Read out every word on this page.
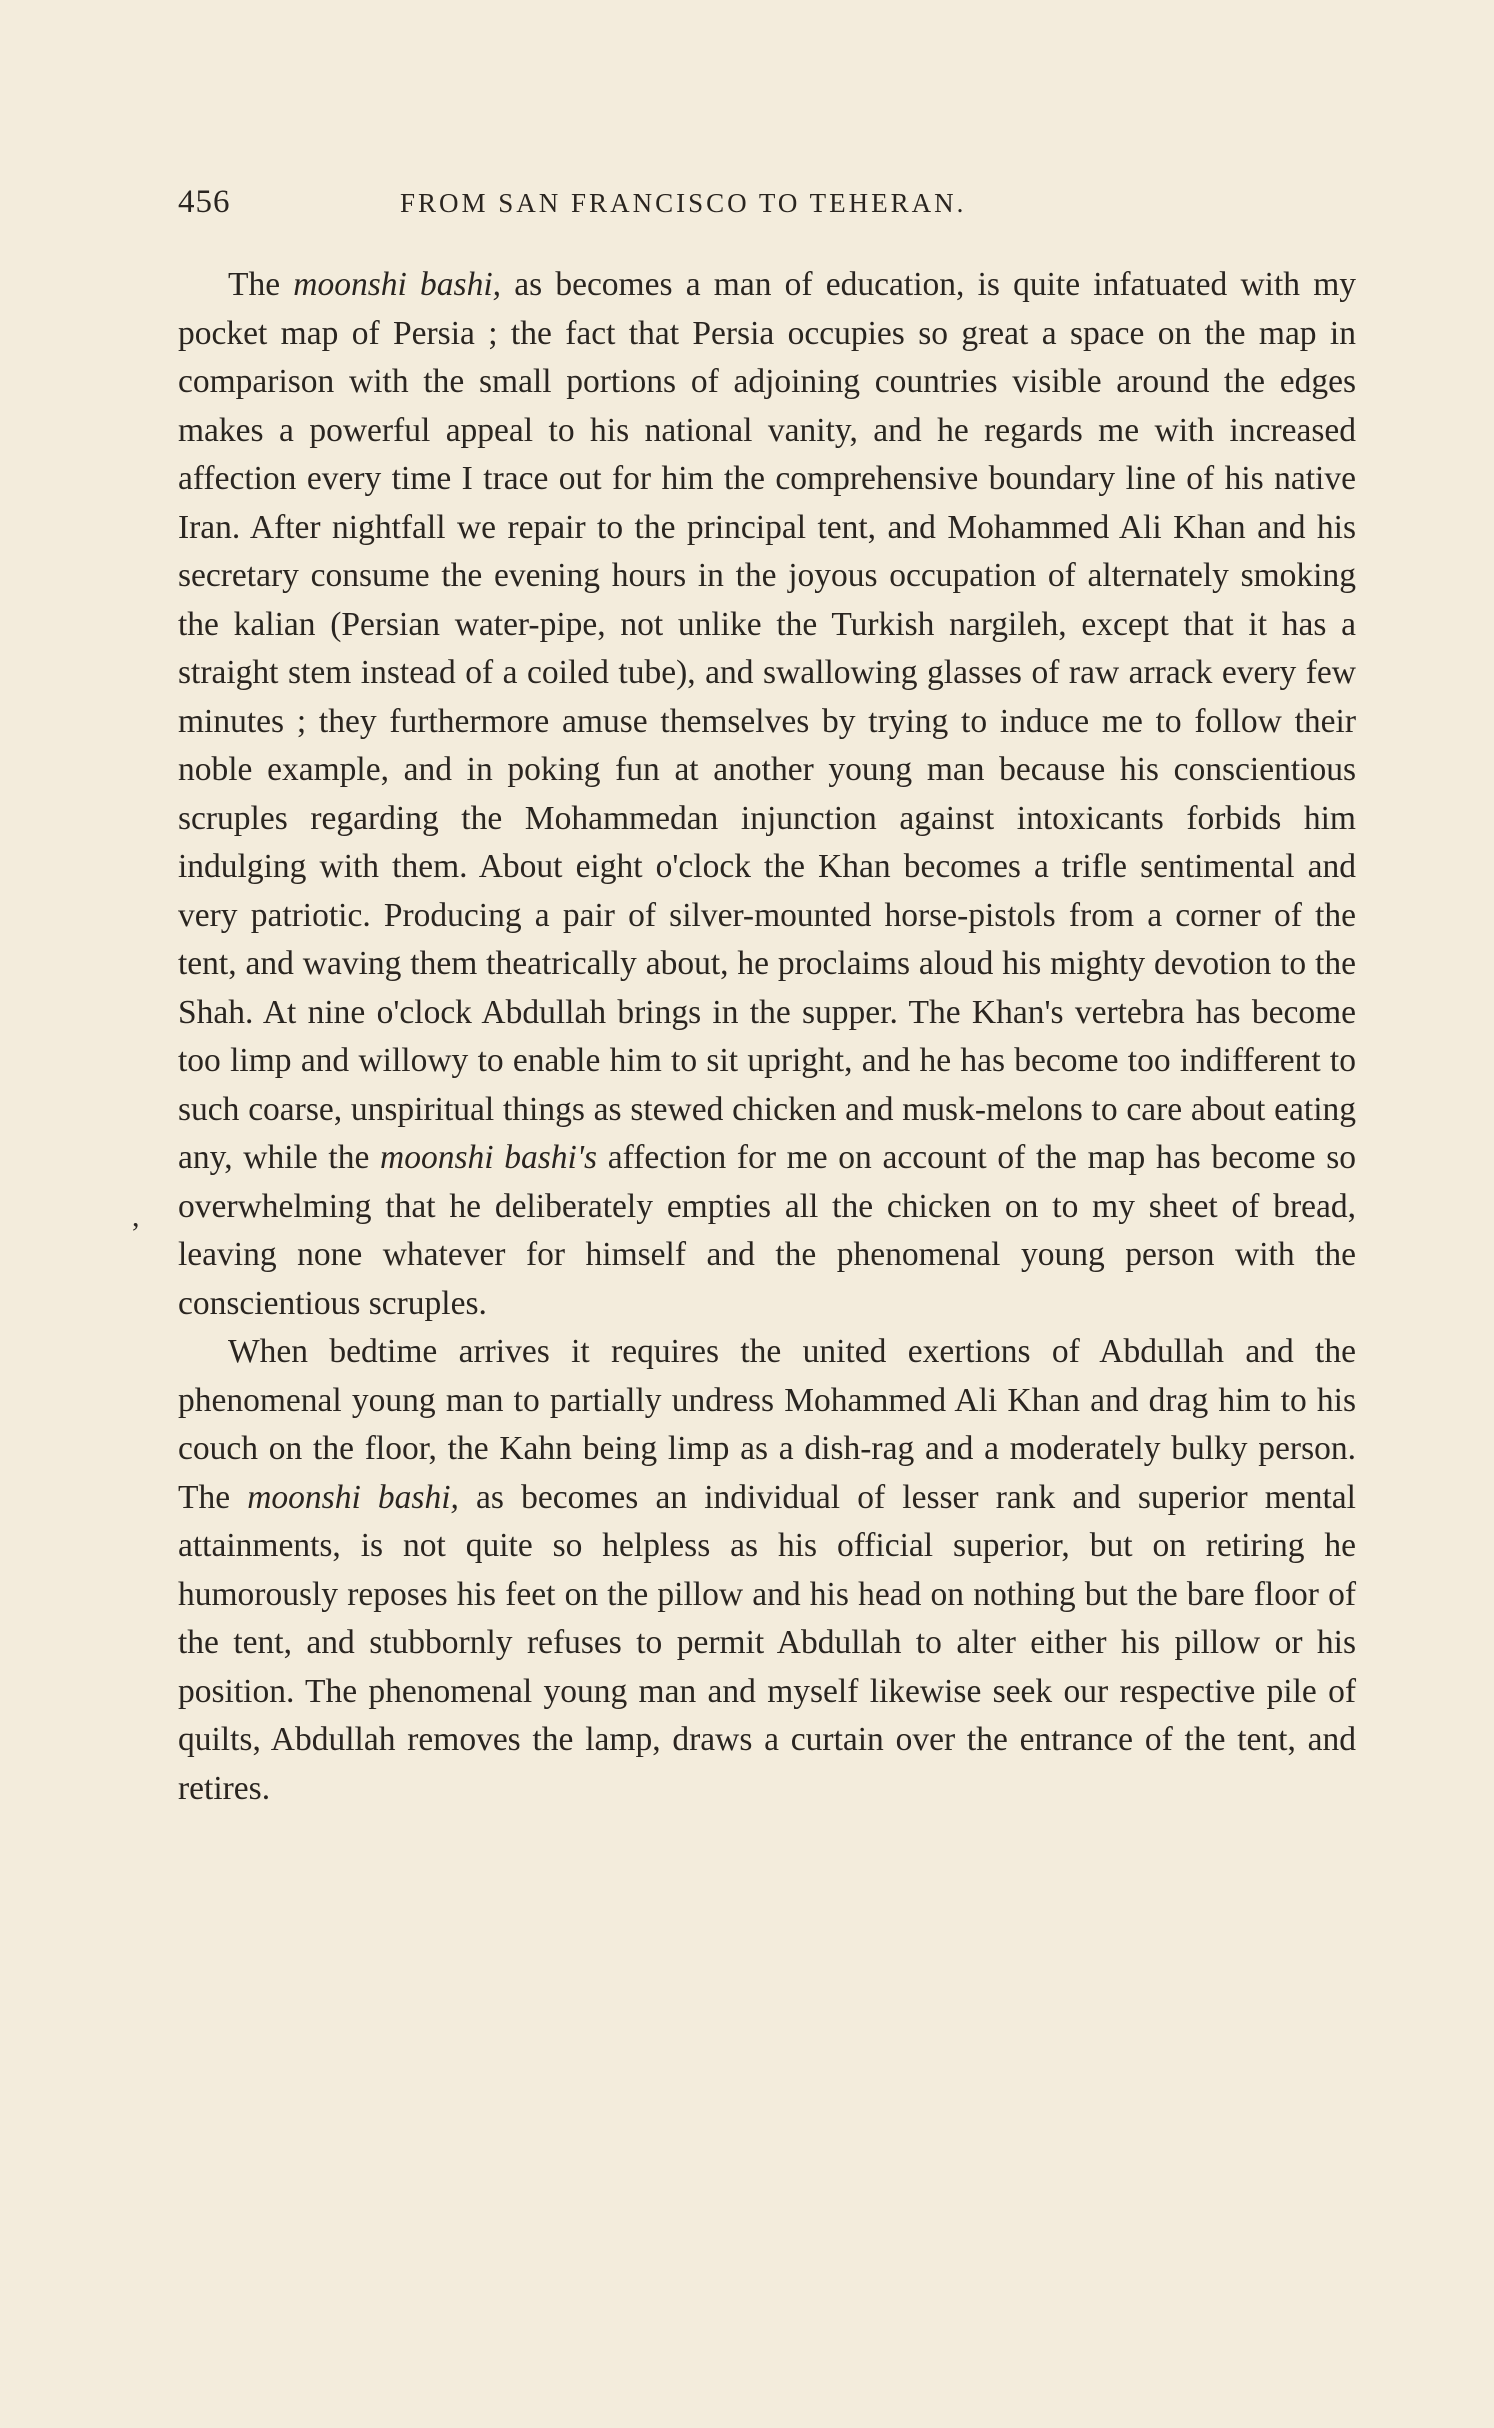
456	FROM SAN FRANCISCO TO TEHERAN.
,

The moonshi bashi, as becomes a man of education, is quite infatuated with my pocket map of Persia ; the fact that Persia occupies so great a space on the map in comparison with the small portions of adjoining countries visible around the edges makes a powerful appeal to his national vanity, and he regards me with increased affection every time I trace out for him the comprehensive boundary line of his native Iran. After nightfall we repair to the principal tent, and Mohammed Ali Khan and his secretary consume the evening hours in the joyous occupation of alternately smoking the kalian (Persian water-pipe, not unlike the Turkish nargileh, except that it has a straight stem instead of a coiled tube), and swallowing glasses of raw arrack every few minutes ; they furthermore amuse themselves by trying to induce me to follow their noble example, and in poking fun at another young man because his conscientious scruples regarding the Mohammedan injunction against intoxicants forbids him indulging with them. About eight o'clock the Khan becomes a trifle sentimental and very patriotic. Producing a pair of silver-mounted horse-pistols from a corner of the tent, and waving them theatrically about, he proclaims aloud his mighty devotion to the Shah. At nine o'clock Abdullah brings in the supper. The Khan's vertebra has become too limp and willowy to enable him to sit upright, and he has become too indifferent to such coarse, unspiritual things as stewed chicken and musk-melons to care about eating any, while the moonshi bashi's affection for me on account of the map has become so overwhelming that he deliberately empties all the chicken on to my sheet of bread, leaving none whatever for himself and the phenomenal young person with the conscientious scruples.

When bedtime arrives it requires the united exertions of Abdullah and the phenomenal young man to partially undress Mohammed Ali Khan and drag him to his couch on the floor, the Kahn being limp as a dish-rag and a moderately bulky person. The moonshi bashi, as becomes an individual of lesser rank and superior mental attainments, is not quite so helpless as his official superior, but on retiring he humorously reposes his feet on the pillow and his head on nothing but the bare floor of the tent, and stubbornly refuses to permit Abdullah to alter either his pillow or his position. The phenomenal young man and myself likewise seek our respective pile of quilts, Abdullah removes the lamp, draws a curtain over the entrance of the tent, and retires.
